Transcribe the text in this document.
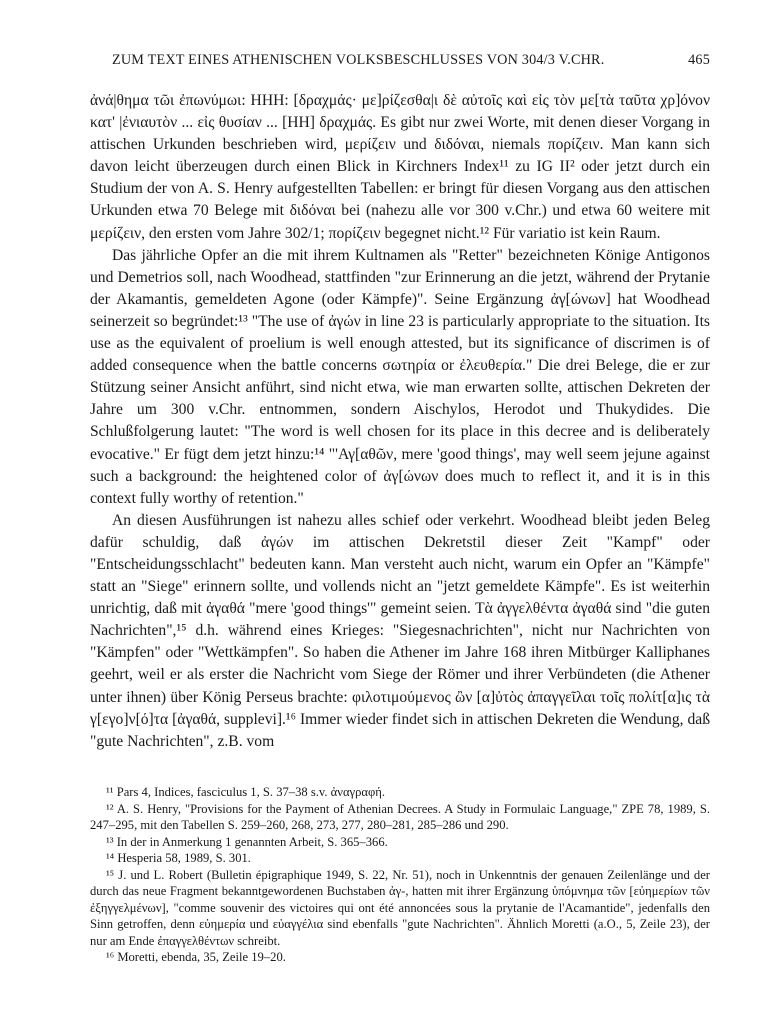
ZUM TEXT EINES ATHENISCHEN VOLKSBESCHLUSSES VON 304/3 V.CHR.	465

ἀνά|θημα τῶι ἐπωνύμωι: HHH: [δραχμάς· με]ρίζεσθα|ι δὲ αὐτοῖς καὶ εἰς τὸν με[τὰ ταῦτα χρ]όνον κατ' |ἐνιαυτὸν ... εἰς θυσίαν ... [HH] δραχμάς. Es gibt nur zwei Worte, mit denen dieser Vorgang in attischen Urkunden beschrieben wird, μερίζειν und διδόναι, niemals πορίζειν. Man kann sich davon leicht überzeugen durch einen Blick in Kirchners Index¹¹ zu IG II² oder jetzt durch ein Studium der von A. S. Henry aufgestellten Tabellen: er bringt für diesen Vorgang aus den attischen Urkunden etwa 70 Belege mit διδόναι bei (nahezu alle vor 300 v.Chr.) und etwa 60 weitere mit μερίζειν, den ersten vom Jahre 302/1; πορίζειν begegnet nicht.¹² Für variatio ist kein Raum.

Das jährliche Opfer an die mit ihrem Kultnamen als "Retter" bezeichneten Könige Antigonos und Demetrios soll, nach Woodhead, stattfinden "zur Erinnerung an die jetzt, während der Prytanie der Akamantis, gemeldeten Agone (oder Kämpfe)". Seine Ergänzung ἀγ[ώνων] hat Woodhead seinerzeit so begründet:¹³ "The use of ἀγών in line 23 is particularly appropriate to the situation. Its use as the equivalent of proelium is well enough attested, but its significance of discrimen is of added consequence when the battle concerns σωτηρία or ἐλευθερία." Die drei Belege, die er zur Stützung seiner Ansicht anführt, sind nicht etwa, wie man erwarten sollte, attischen Dekreten der Jahre um 300 v.Chr. entnommen, sondern Aischylos, Herodot und Thukydides. Die Schlußfolgerung lautet: "The word is well chosen for its place in this decree and is deliberately evocative." Er fügt dem jetzt hinzu:¹⁴ "'Αγ[αθῶν, mere 'good things', may well seem jejune against such a background: the heightened color of ἀγ[ώνων does much to reflect it, and it is in this context fully worthy of retention."

An diesen Ausführungen ist nahezu alles schief oder verkehrt. Woodhead bleibt jeden Beleg dafür schuldig, daß ἀγών im attischen Dekretstil dieser Zeit "Kampf" oder "Entscheidungsschlacht" bedeuten kann. Man versteht auch nicht, warum ein Opfer an "Kämpfe" statt an "Siege" erinnern sollte, und vollends nicht an "jetzt gemeldete Kämpfe". Es ist weiterhin unrichtig, daß mit ἀγαθά "mere 'good things'" gemeint seien. Τὰ ἀγγελθέντα ἀγαθά sind "die guten Nachrichten",¹⁵ d.h. während eines Krieges: "Siegesnachrichten", nicht nur Nachrichten von "Kämpfen" oder "Wettkämpfen". So haben die Athener im Jahre 168 ihren Mitbürger Kalliphanes geehrt, weil er als erster die Nachricht vom Siege der Römer und ihrer Verbündeten (die Athener unter ihnen) über König Perseus brachte: φιλοτιμούμενος ὢν [α]ὐτὸς ἀπαγγεῖλαι τοῖς πολίτ[α]ις τὰ γ[εγο]ν[ό]τα [ἀγαθά, supplevi].¹⁶ Immer wieder findet sich in attischen Dekreten die Wendung, daß "gute Nachrichten", z.B. vom

¹¹ Pars 4, Indices, fasciculus 1, S. 37–38 s.v. ἀναγραφή.

¹² A. S. Henry, "Provisions for the Payment of Athenian Decrees. A Study in Formulaic Language," ZPE 78, 1989, S. 247–295, mit den Tabellen S. 259–260, 268, 273, 277, 280–281, 285–286 und 290.

¹³ In der in Anmerkung 1 genannten Arbeit, S. 365–366.

¹⁴ Hesperia 58, 1989, S. 301.

¹⁵ J. und L. Robert (Bulletin épigraphique 1949, S. 22, Nr. 51), noch in Unkenntnis der genauen Zeilenlänge und der durch das neue Fragment bekanntgewordenen Buchstaben ἀγ-, hatten mit ihrer Ergänzung ὑπόμνημα τῶν [εὐημερίων τῶν ἐξηγγελμένων], "comme souvenir des victoires qui ont été annoncées sous la prytanie de l'Acamantide", jedenfalls den Sinn getroffen, denn εὐημερία und εὐαγγέλια sind ebenfalls "gute Nachrichten". Ähnlich Moretti (a.O., 5, Zeile 23), der nur am Ende ἐπαγγελθέντων schreibt.

¹⁶ Moretti, ebenda, 35, Zeile 19–20.
